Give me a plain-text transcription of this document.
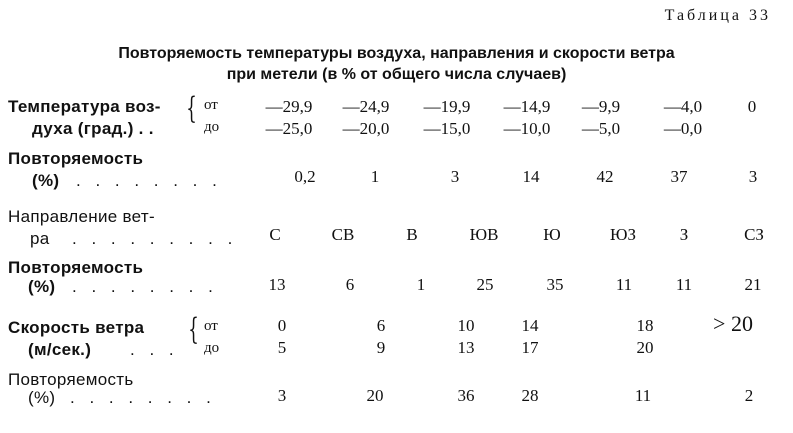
Таблица 33
Повторяемость температуры воздуха, направления и скорости ветра
при метели (в % от общего числа случаев)
Температура воз-
духа (град.) . .
{ от
до
—29,9 —24,9 —19,9 —14,9 —9,9	—4,0	0
—25,0 —20,0 —15,0 —10,0 —5,0	—0,0
Повторяемость
(%) . . . . . . . .	0,2	1	3	14	42	37	3
Направление вет-
ра . . . . . . . . . С	СВ	В	ЮВ	Ю	ЮЗ	З	СЗ
Повторяемость
(%) . . . . . . . .	13	6	1	25	35	11	11	21
Скорость ветра
(м/сек.) . . .
{ от
до
0	6	10	14	18	> 20
5	9	13	17	20
Повторяемость
(%) . . . . . . . .	3	20	36	28	11	2
